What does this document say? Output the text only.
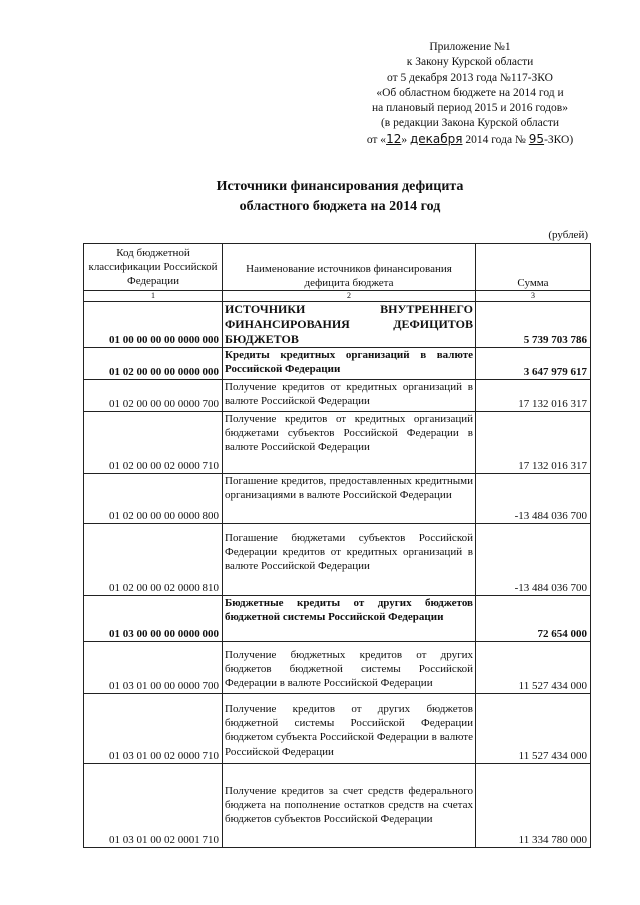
Приложение №1
к Закону Курской области
от 5 декабря 2013 года №117-ЗКО
«Об областном бюджете на 2014 год и
на плановый период 2015 и 2016 годов»
(в редакции Закона Курской области
от «12» декабря 2014 года № 95-ЗКО)
Источники финансирования дефицита
областного бюджета на 2014 год
(рублей)
Код бюджетной классификации Российской Федерации	Наименование источников финансирования дефицита бюджета	Сумма
1	2	3
01 00 00 00 00 0000 000	ИСТОЧНИКИ ВНУТРЕННЕГО ФИНАНСИРОВАНИЯ ДЕФИЦИТОВ БЮДЖЕТОВ	5 739 703 786
01 02 00 00 00 0000 000	Кредиты кредитных организаций в валюте Российской Федерации	3 647 979 617
01 02 00 00 00 0000 700	Получение кредитов от кредитных организаций в валюте Российской Федерации	17 132 016 317
01 02 00 00 02 0000 710	Получение кредитов от кредитных организаций бюджетами субъектов Российской Федерации в валюте Российской Федерации	17 132 016 317
01 02 00 00 00 0000 800	Погашение кредитов, предоставленных кредитными организациями в валюте Российской Федерации	-13 484 036 700
01 02 00 00 02 0000 810	Погашение бюджетами субъектов Российской Федерации кредитов от кредитных организаций в валюте Российской Федерации	-13 484 036 700
01 03 00 00 00 0000 000	Бюджетные кредиты от других бюджетов бюджетной системы Российской Федерации	72 654 000
01 03 01 00 00 0000 700	Получение бюджетных кредитов от других бюджетов бюджетной системы Российской Федерации в валюте Российской Федерации	11 527 434 000
01 03 01 00 02 0000 710	Получение кредитов от других бюджетов бюджетной системы Российской Федерации бюджетом субъекта Российской Федерации в валюте Российской Федерации	11 527 434 000
01 03 01 00 02 0001 710	Получение кредитов за счет средств федерального бюджета на пополнение остатков средств на счетах бюджетов субъектов Российской Федерации	11 334 780 000
